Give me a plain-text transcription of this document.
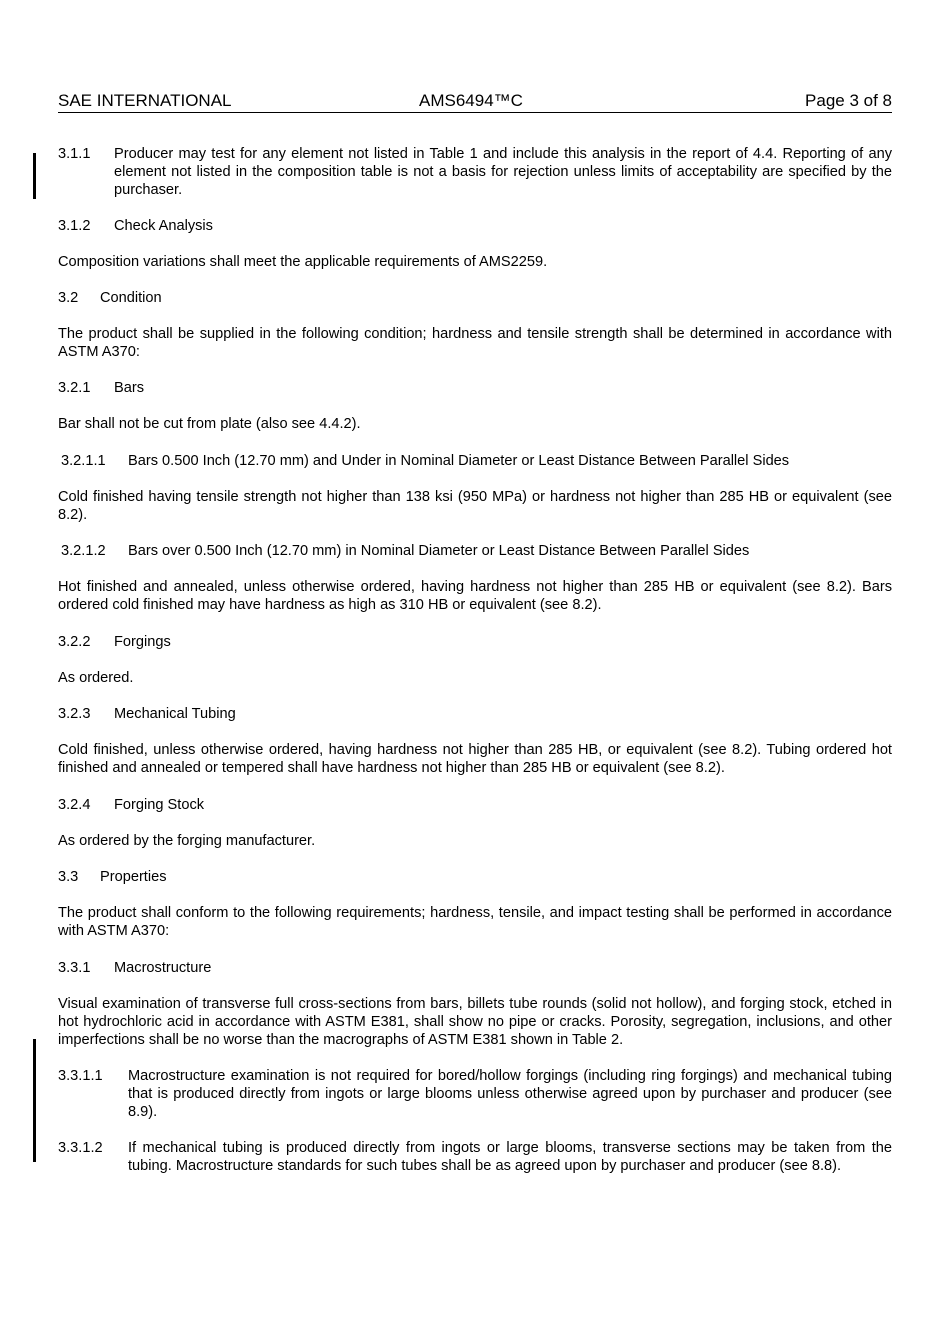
SAE INTERNATIONAL	AMS6494™C	Page 3 of 8
3.1.1 Producer may test for any element not listed in Table 1 and include this analysis in the report of 4.4. Reporting of any element not listed in the composition table is not a basis for rejection unless limits of acceptability are specified by the purchaser.
3.1.2 Check Analysis
Composition variations shall meet the applicable requirements of AMS2259.
3.2 Condition
The product shall be supplied in the following condition; hardness and tensile strength shall be determined in accordance with ASTM A370:
3.2.1 Bars
Bar shall not be cut from plate (also see 4.4.2).
3.2.1.1 Bars 0.500 Inch (12.70 mm) and Under in Nominal Diameter or Least Distance Between Parallel Sides
Cold finished having tensile strength not higher than 138 ksi (950 MPa) or hardness not higher than 285 HB or equivalent (see 8.2).
3.2.1.2 Bars over 0.500 Inch (12.70 mm) in Nominal Diameter or Least Distance Between Parallel Sides
Hot finished and annealed, unless otherwise ordered, having hardness not higher than 285 HB or equivalent (see 8.2). Bars ordered cold finished may have hardness as high as 310 HB or equivalent (see 8.2).
3.2.2 Forgings
As ordered.
3.2.3 Mechanical Tubing
Cold finished, unless otherwise ordered, having hardness not higher than 285 HB, or equivalent (see 8.2). Tubing ordered hot finished and annealed or tempered shall have hardness not higher than 285 HB or equivalent (see 8.2).
3.2.4 Forging Stock
As ordered by the forging manufacturer.
3.3 Properties
The product shall conform to the following requirements; hardness, tensile, and impact testing shall be performed in accordance with ASTM A370:
3.3.1 Macrostructure
Visual examination of transverse full cross-sections from bars, billets tube rounds (solid not hollow), and forging stock, etched in hot hydrochloric acid in accordance with ASTM E381, shall show no pipe or cracks. Porosity, segregation, inclusions, and other imperfections shall be no worse than the macrographs of ASTM E381 shown in Table 2.
3.3.1.1 Macrostructure examination is not required for bored/hollow forgings (including ring forgings) and mechanical tubing that is produced directly from ingots or large blooms unless otherwise agreed upon by purchaser and producer (see 8.9).
3.3.1.2 If mechanical tubing is produced directly from ingots or large blooms, transverse sections may be taken from the tubing. Macrostructure standards for such tubes shall be as agreed upon by purchaser and producer (see 8.8).
